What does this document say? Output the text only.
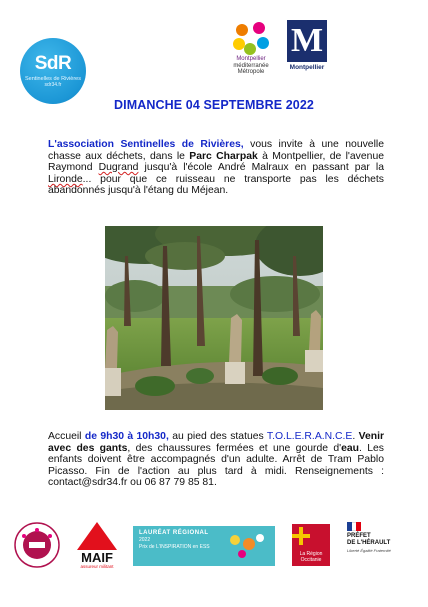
SdR
Sentinelles de Rivières
sdr34.fr
Montpellier
méditerranée
Métropole
M
Montpellier
DIMANCHE 04 SEPTEMBRE 2022

L'association Sentinelles de Rivières, vous invite à une nouvelle chasse aux déchets, dans le Parc Charpak à Montpellier, de l'avenue Raymond Dugrand jusqu'à l'école André Malraux en passant par la Lironde... pour que ce ruisseau ne transporte pas les déchets abandonnés jusqu'à l'étang du Méjean.

Accueil de 9h30 à 10h30, au pied des statues T.O.L.E.R.A.N.C.E. Venir avec des gants, des chaussures fermées et une gourde d'eau. Les enfants doivent être accompagnés d'un adulte. Arrêt de Tram Pablo Picasso. Fin de l'action au plus tard à midi. Renseignements : contact@sdr34.fr ou 06 87 79 85 81.

MAIF
assureur militant
LAURÉAT RÉGIONAL
2022
Prix de L'INSPIRATION en ESS
La Région
Occitanie
PRÉFET
DE L'HÉRAULT
Liberté Égalité Fraternité
